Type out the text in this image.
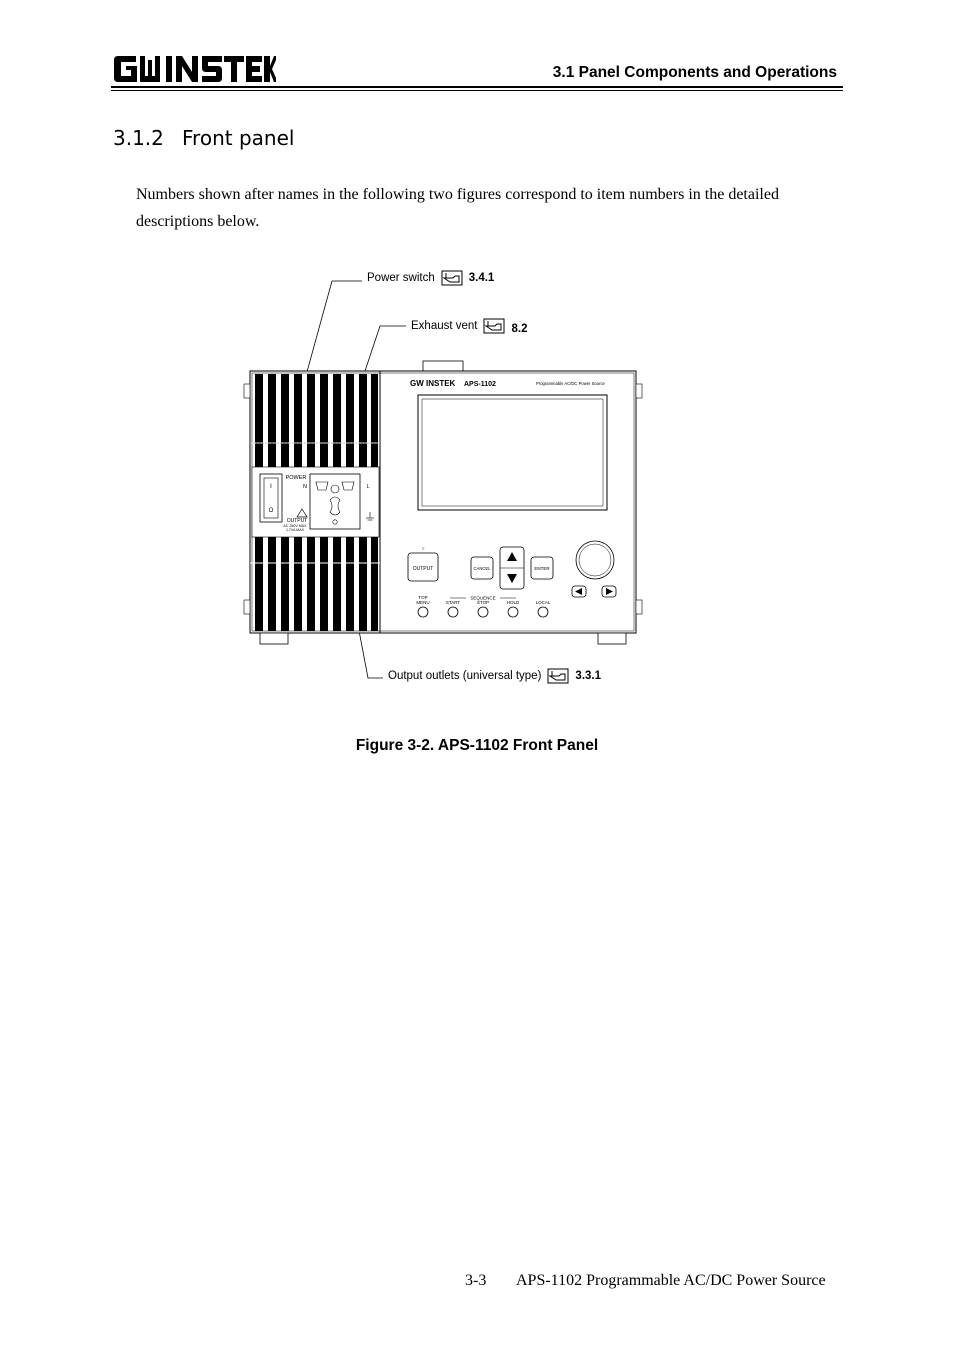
3.1 Panel Components and Operations
3.1.2 Front panel
Numbers shown after names in the following two figures correspond to item numbers in the detailed descriptions below.
I
O
POWER
N	L
OUTPUT
AC 250V MAX
1.7VA MAX
GW INSTEK APS-1102	Programmable AC/DC Power Source
○
OUTPUT	CANCEL	ENTER
TOP
MENU
SEQUENCE
START	STOP	HOLD	LOCAL
Power switch	3.4.1
Exhaust vent	8.2
Output outlets (universal type)	3.3.1
Figure 3-2. APS-1102 Front Panel
3-3 APS-1102 Programmable AC/DC Power Source
